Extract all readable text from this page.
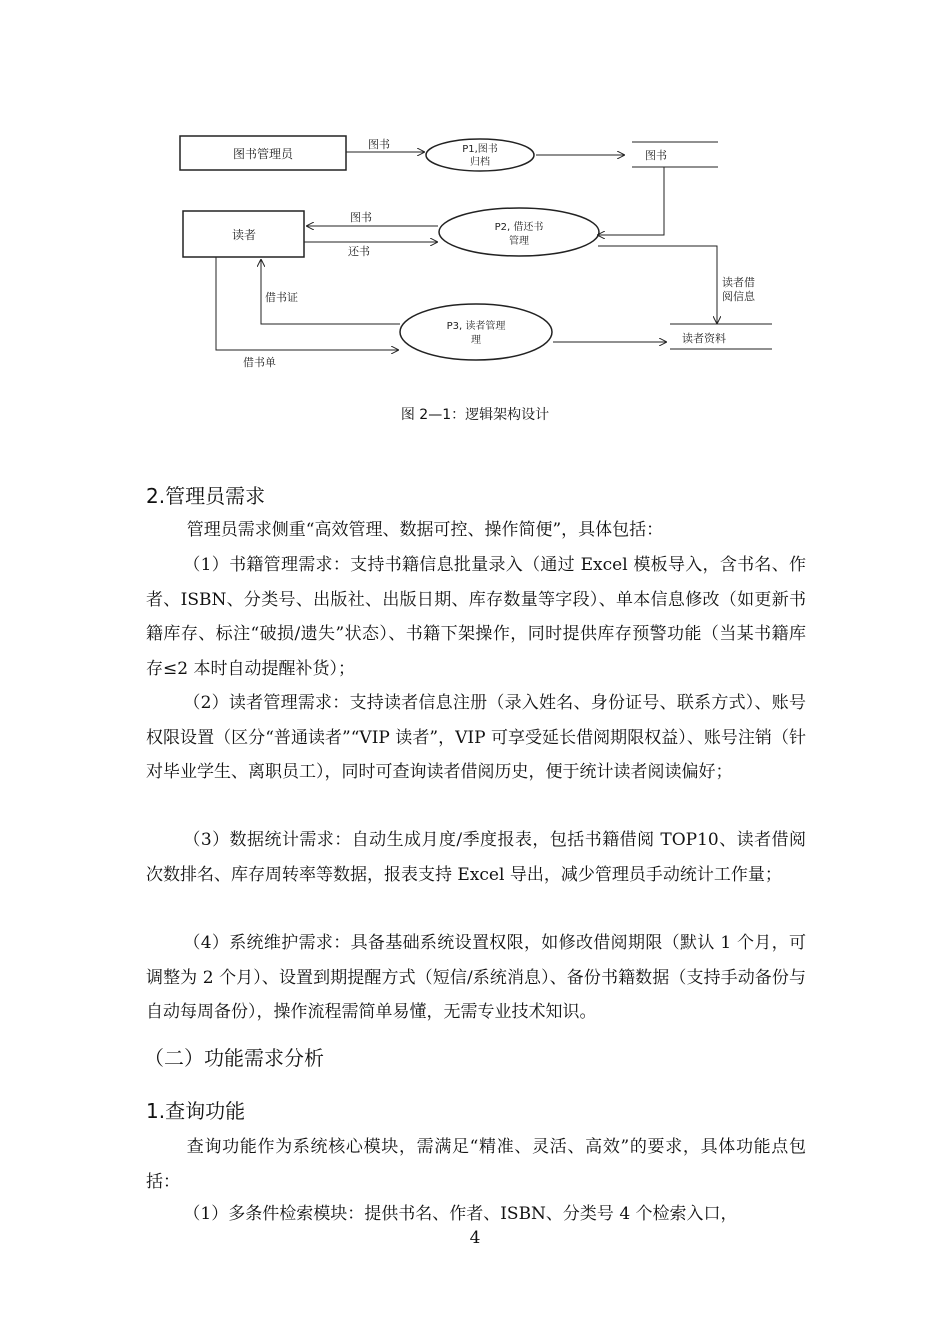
图书管理员
图书	P1,图书
归档
图书
读者
P2, 借还书
管理
图书
还书
读者借
阅信息
读者资料
P3, 读者管理
理
借书证
借书单
图 2—1：逻辑架构设计
2.管理员需求

管理员需求侧重“高效管理、数据可控、操作简便”，具体包括：

（1）书籍管理需求：支持书籍信息批量录入（通过 Excel 模板导入，含书名、作者、ISBN、分类号、出版社、出版日期、库存数量等字段）、单本信息修改（如更新书籍库存、标注“破损/遗失”状态）、书籍下架操作，同时提供库存预警功能（当某书籍库存≤2 本时自动提醒补货）；

（2）读者管理需求：支持读者信息注册（录入姓名、身份证号、联系方式）、账号权限设置（区分“普通读者”“VIP 读者”，VIP 可享受延长借阅期限权益）、账号注销（针对毕业学生、离职员工），同时可查询读者借阅历史，便于统计读者阅读偏好；

（3）数据统计需求：自动生成月度/季度报表，包括书籍借阅 TOP10、读者借阅次数排名、库存周转率等数据，报表支持 Excel 导出，减少管理员手动统计工作量；

（4）系统维护需求：具备基础系统设置权限，如修改借阅期限（默认 1 个月，可调整为 2 个月）、设置到期提醒方式（短信/系统消息）、备份书籍数据（支持手动备份与自动每周备份），操作流程需简单易懂，无需专业技术知识。

（二）功能需求分析
1.查询功能

查询功能作为系统核心模块，需满足“精准、灵活、高效”的要求，具体功能点包括：

（1）多条件检索模块：提供书名、作者、ISBN、分类号 4 个检索入口，

4
